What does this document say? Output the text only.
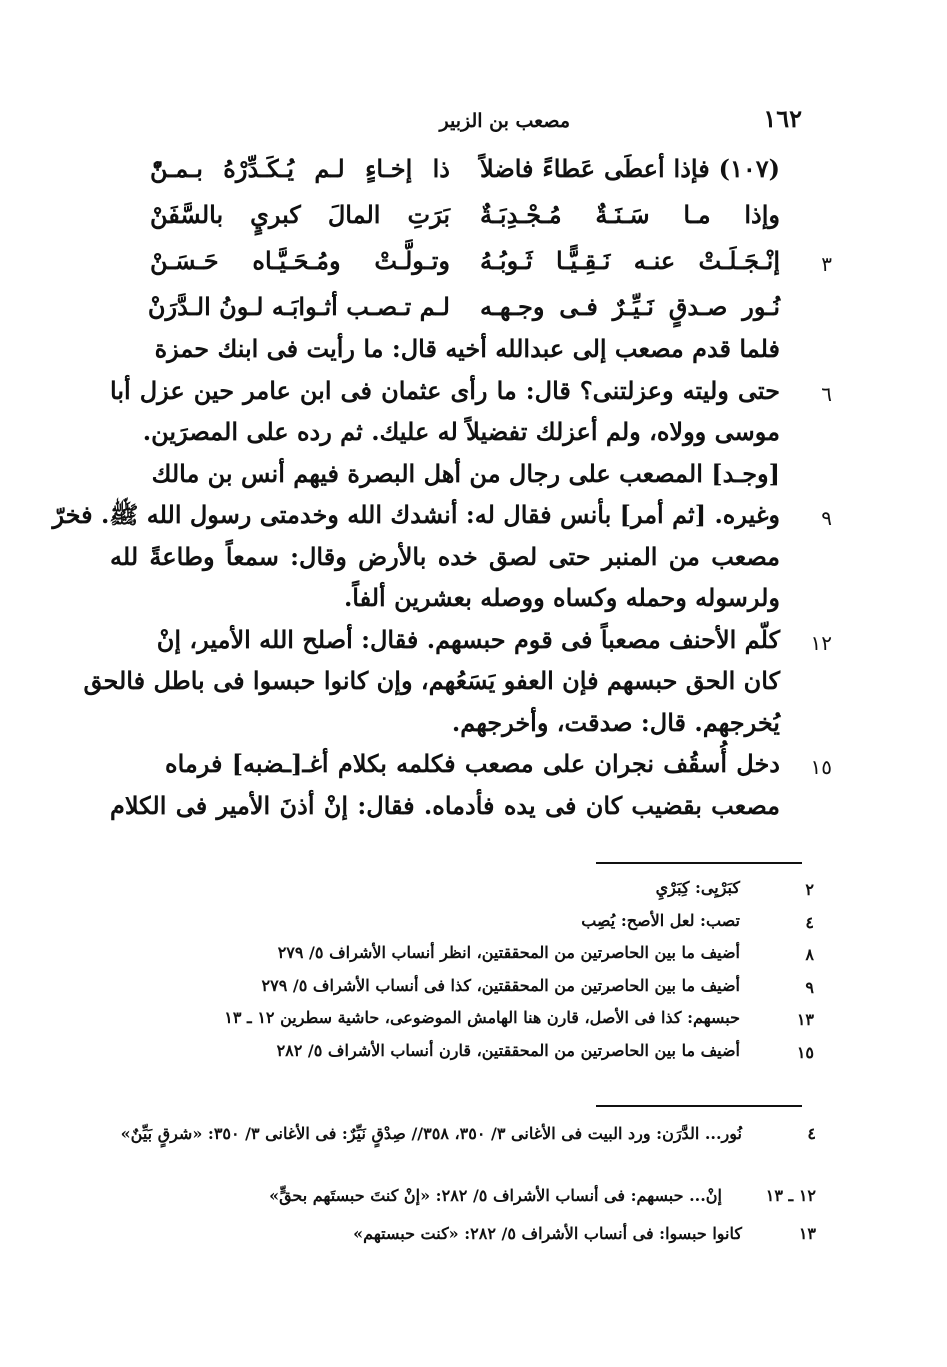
١٦٢
مصعب بن الزبير
(١٠٧) فإذا أعطَى عَطاءً فاضلاً
ذا إخـاءٍ لـم يُـكَـدِّرْهُ بـمـنّْ
وإذا مـا سَـنَـةٌ مُـجْـدِبَـةٌ
بَرَتِ المالَ كبريٍ بالسَّفَنْ
٣
إنْـجَـلَـتْ عنـه نَـقِـيًّـا ثَـوبُـهُ
وتـولَّـتْ ومُـحَـيَّـاه حَـسَـنْ
نُـور صـدقٍ نَـيِّـرٌ فـى وجـهـه
لـم تـصـب أثـوابَـه لـونُ الـدَّرَنْ
فلما قدم مصعب إلى عبدالله أخيه قال: ما رأيت فى ابنك حمزة
٦
حتى وليته وعزلتنى؟ قال: ما رأى عثمان فى ابن عامر حين عزل أبا
موسى وولاه، ولم أعزلك تفضيلاً له عليك. ثم رده على المصرَين.
[وجـد] المصعب على رجال من أهل البصرة فيهم أنس بن مالك
٩
وغيره. [ثم أمر] بأنس فقال له: أنشدك الله وخدمتى رسول الله ﷺ. فخرّ
مصعب من المنبر حتى لصق خده بالأرض وقال: سمعاً وطاعةً لله
ولرسوله وحمله وكساه ووصله بعشرين ألفاً.
١٢
كلّم الأحنف مصعباً فى قوم حبسهم. فقال: أصلح الله الأمير، إنْ
كان الحق حبسهم فإن العفو يَسَعُهم، وإن كانوا حبسوا فى باطل فالحق
يُخرجهم. قال: صدقت، وأخرجهم.
١٥
دخل أُسقُف نجران على مصعب فكلمه بكلام أغـ[ـضبه] فرماه
مصعب بقضيب كان فى يده فأدماه. فقال: إنْ أذنَ الأمير فى الكلام
٢
كبَرْيِى: كِبَرْيِ
٤
تصب: لعل الأصح: يُصِب
٨
أضيف ما بين الحاصرتين من المحققتين، انظر أنساب الأشراف ٥/ ٢٧٩
٩
أضيف ما بين الحاصرتين من المحققتين، كذا فى أنساب الأشراف ٥/ ٢٧٩
١٣
حبسهم: كذا فى الأصل، قارن هنا الهامش الموضوعى، حاشية سطرين ١٢ ـ ١٣
١٥
أضيف ما بين الحاصرتين من المحققتين، قارن أنساب الأشراف ٥/ ٢٨٢
٤
نُور... الدَّرَن: ورد البيت فى الأغانى ٣/ ٣٥٠، ٣٥٨// صِدْقٍ نَيِّرٌ: فى الأغانى ٣/ ٣٥٠: «شرقٍ بَيِّنٌ»
١٢ ـ ١٣
إنْ... حبسهم: فى أنساب الأشراف ٥/ ٢٨٢: «إنْ كنتَ حبستَهم بحقٍّ»
١٣
كانوا حبسوا: فى أنساب الأشراف ٥/ ٢٨٢: «كنت حبستهم»
